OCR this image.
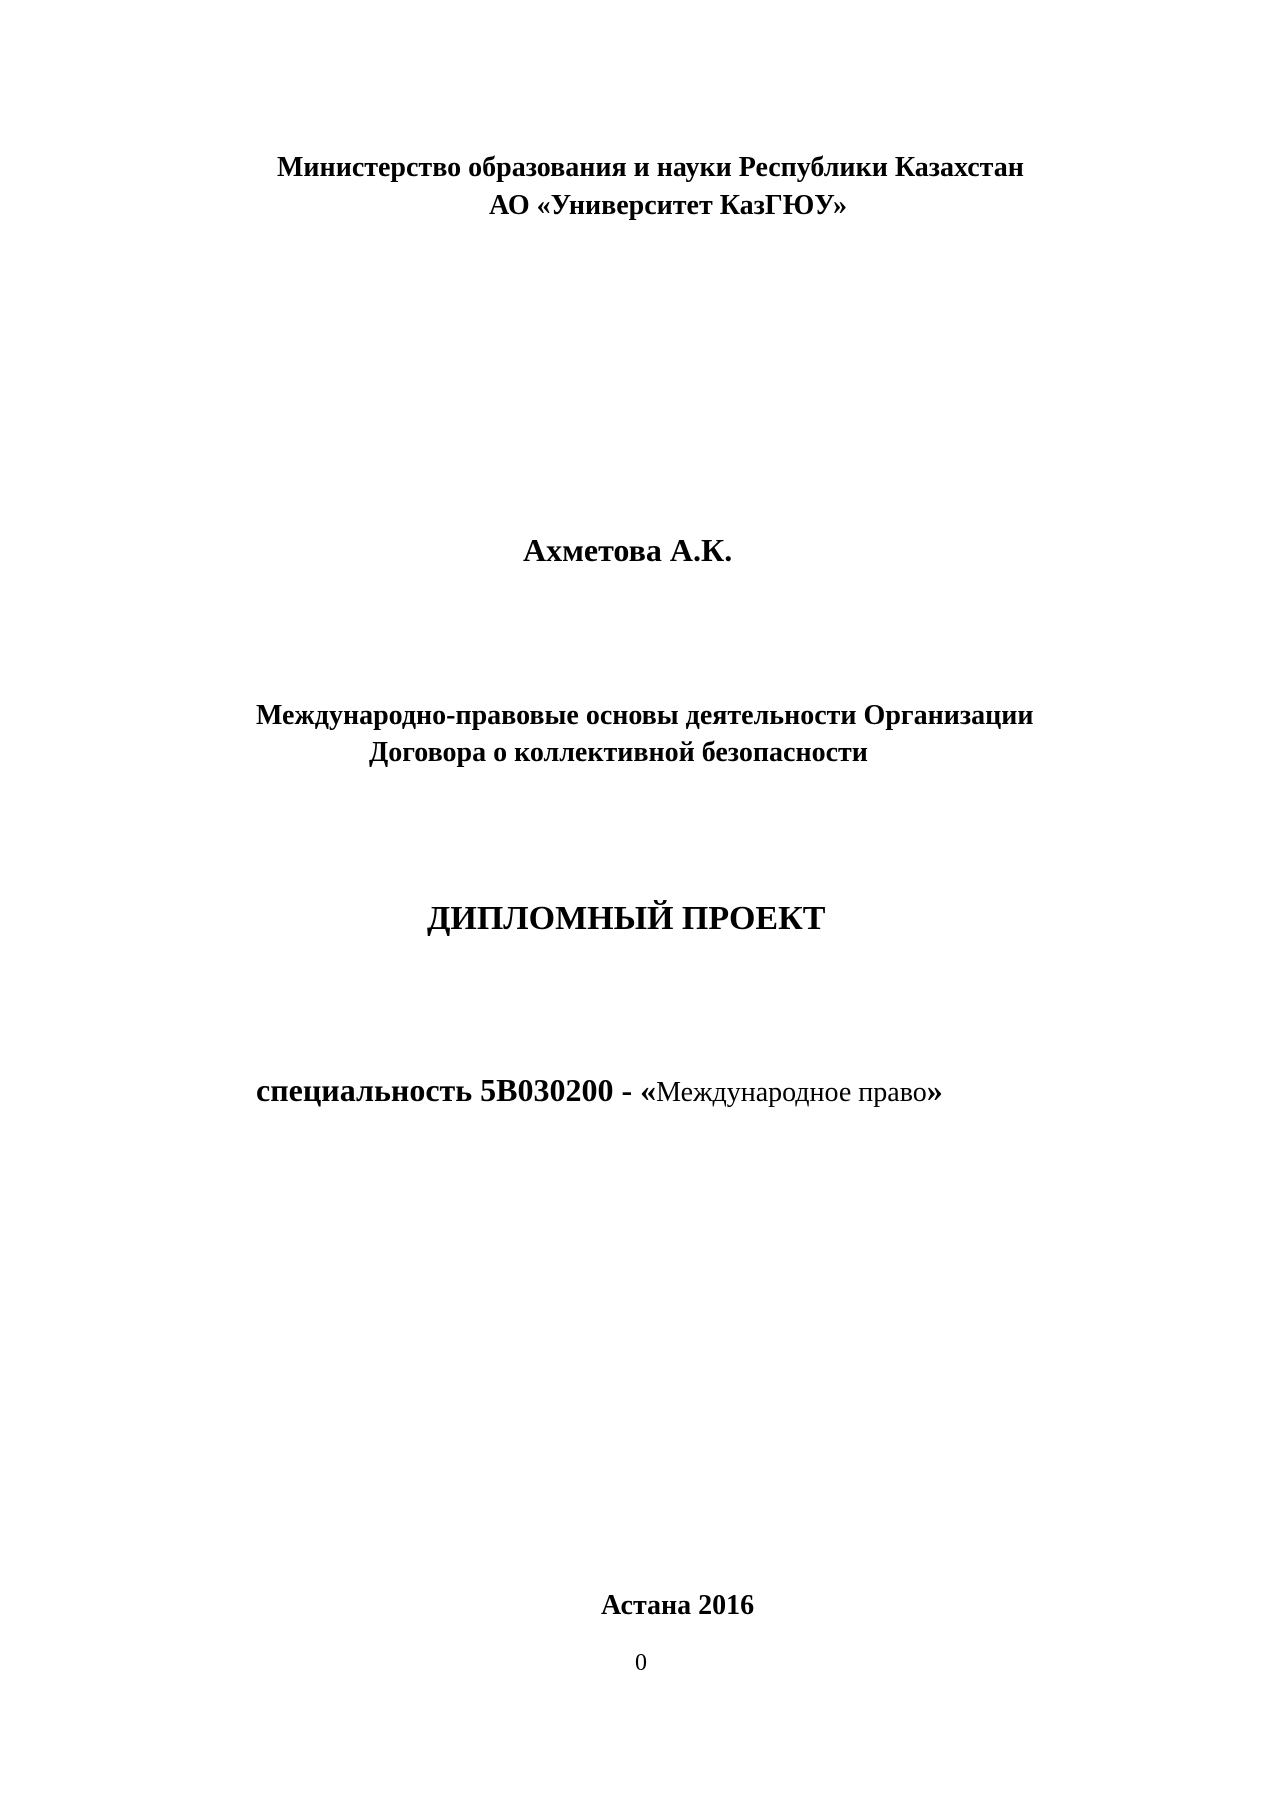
Министерство образования и науки Республики Казахстан
АО «Университет КазГЮУ»
Ахметова А.К.
Международно-правовые основы деятельности Организации
Договора о коллективной безопасности
ДИПЛОМНЫЙ ПРОЕКТ
специальность 5В030200 - «Международное право»
Астана 2016
0
